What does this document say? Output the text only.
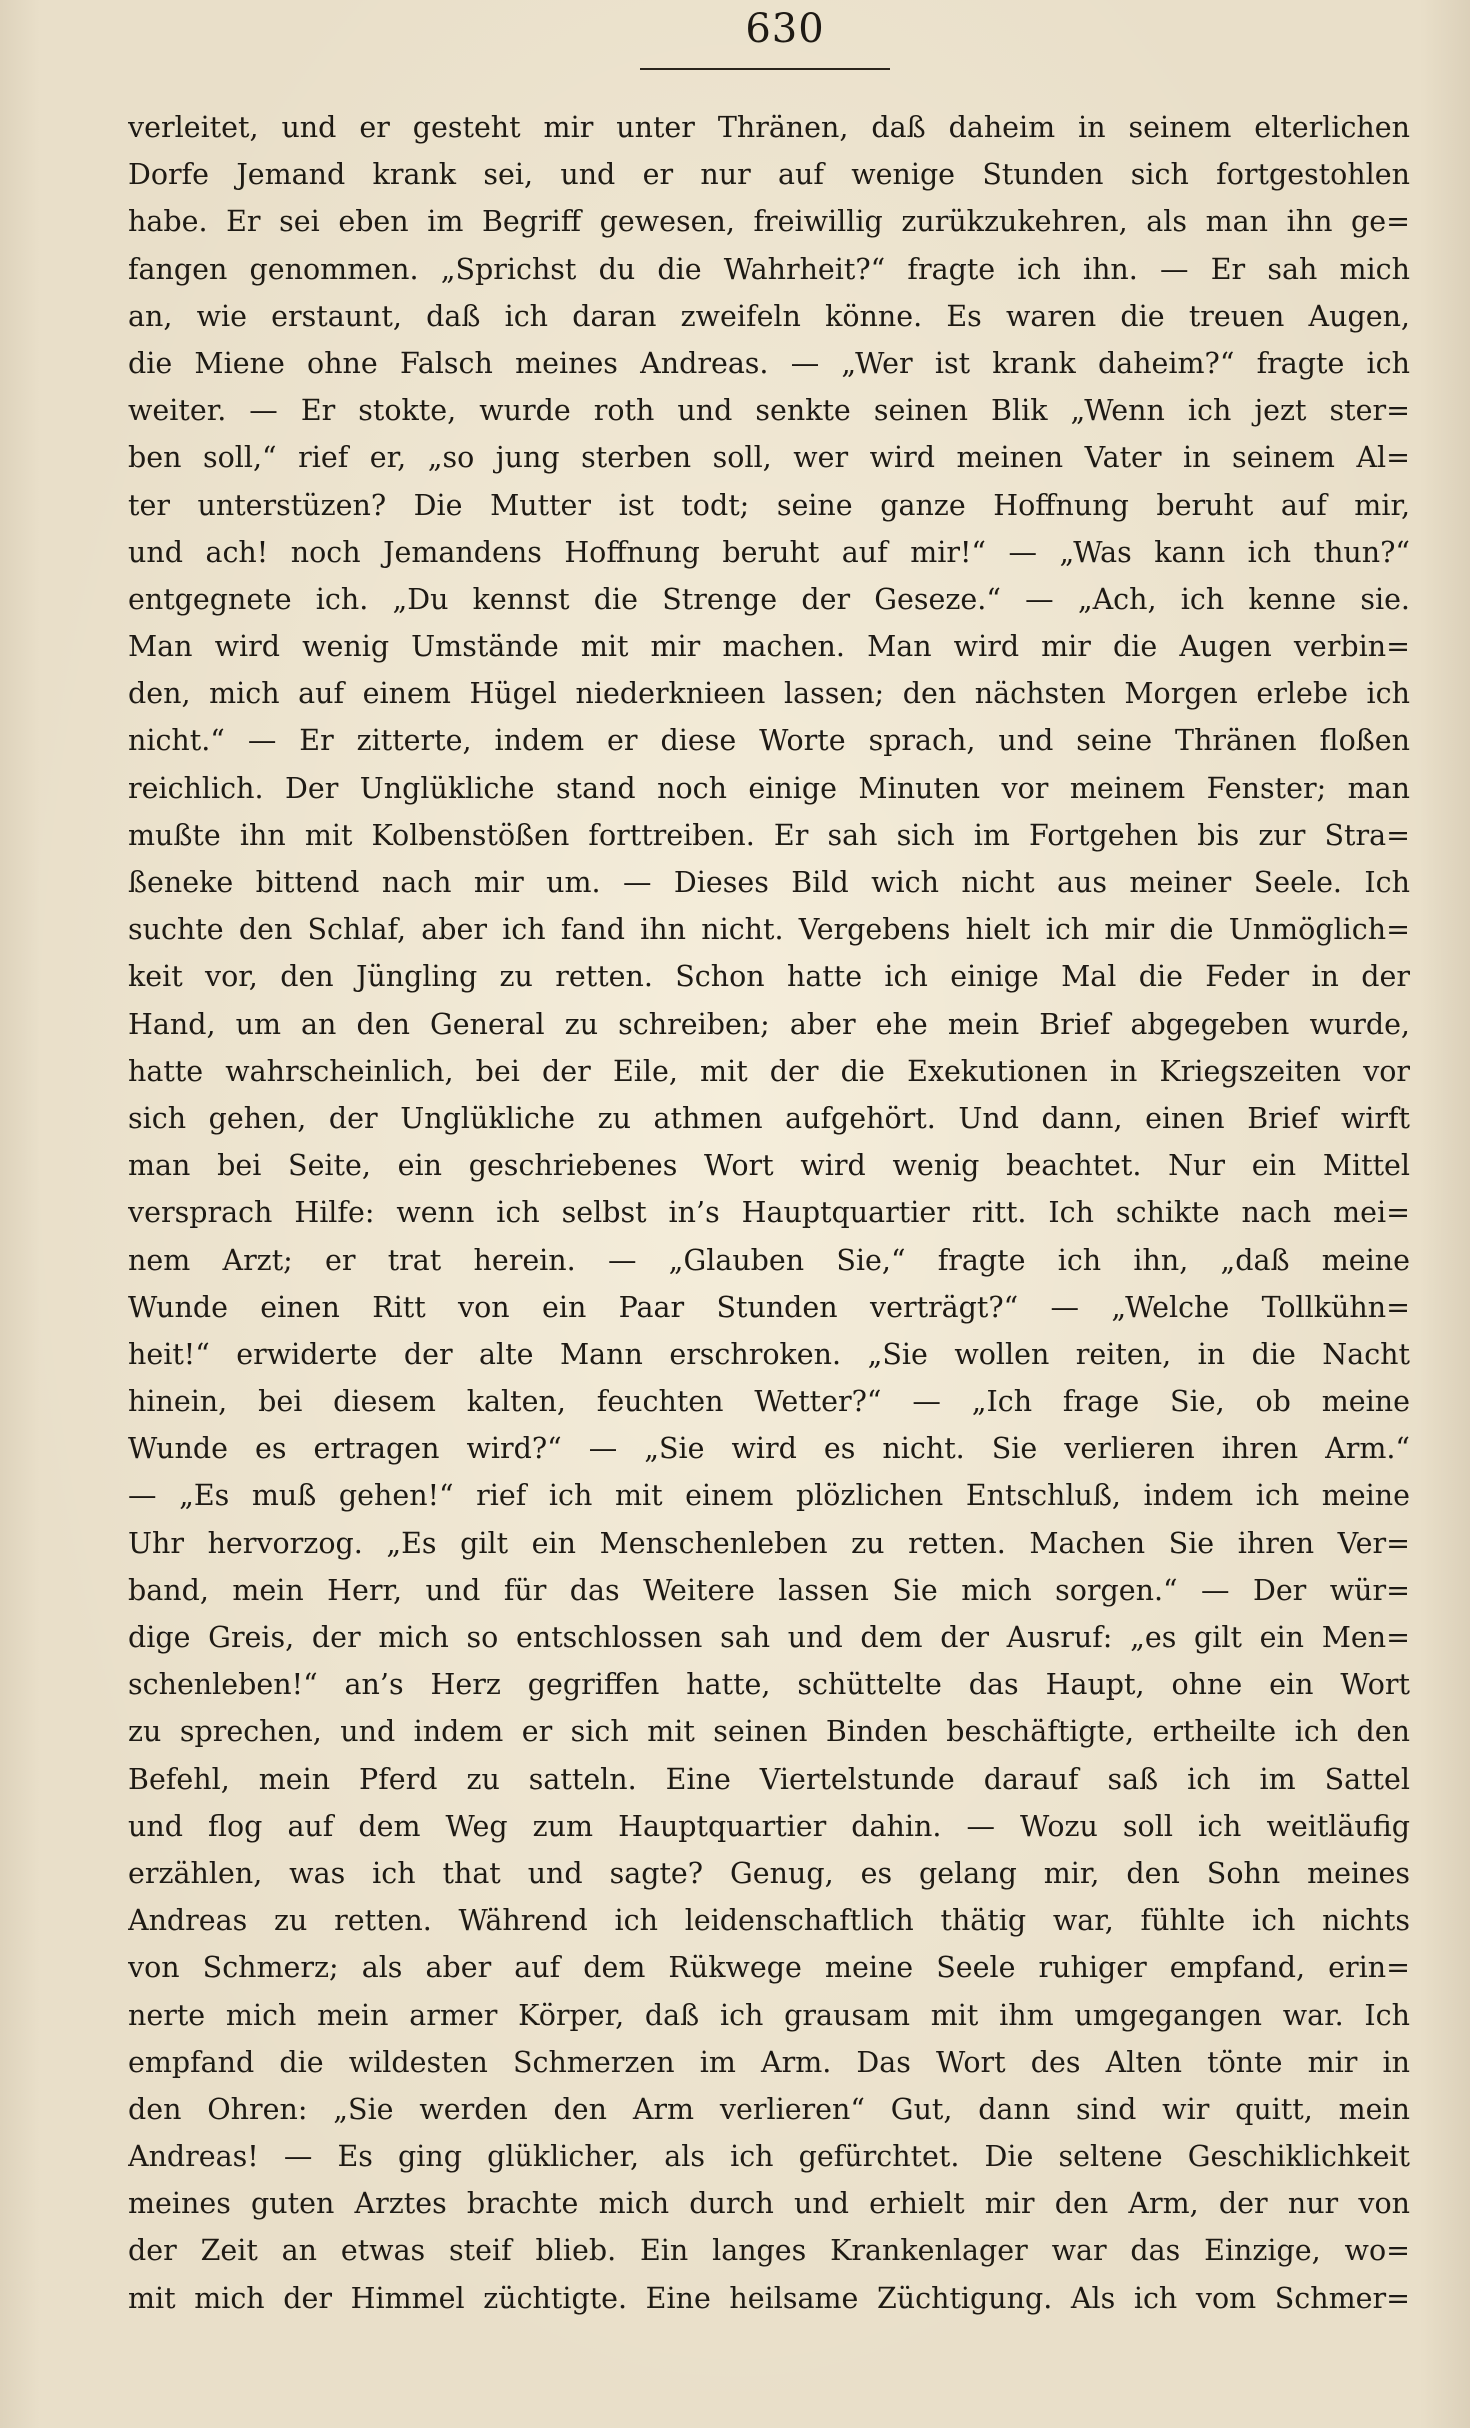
630
verleitet, und er gesteht mir unter Thränen, daß daheim in seinem elterlichen
Dorfe Jemand krank sei, und er nur auf wenige Stunden sich fortgestohlen
habe. Er sei eben im Begriff gewesen, freiwillig zurükzukehren, als man ihn ge=
fangen genommen. „Sprichst du die Wahrheit?“ fragte ich ihn. — Er sah mich
an, wie erstaunt, daß ich daran zweifeln könne. Es waren die treuen Augen,
die Miene ohne Falsch meines Andreas. — „Wer ist krank daheim?“ fragte ich
weiter. — Er stokte, wurde roth und senkte seinen Blik „Wenn ich jezt ster=
ben soll,“ rief er, „so jung sterben soll, wer wird meinen Vater in seinem Al=
ter unterstüzen? Die Mutter ist todt; seine ganze Hoffnung beruht auf mir,
und ach! noch Jemandens Hoffnung beruht auf mir!“ — „Was kann ich thun?“
entgegnete ich. „Du kennst die Strenge der Geseze.“ — „Ach, ich kenne sie.
Man wird wenig Umstände mit mir machen. Man wird mir die Augen verbin=
den, mich auf einem Hügel niederknieen lassen; den nächsten Morgen erlebe ich
nicht.“ — Er zitterte, indem er diese Worte sprach, und seine Thränen floßen
reichlich. Der Unglükliche stand noch einige Minuten vor meinem Fenster; man
mußte ihn mit Kolbenstößen forttreiben. Er sah sich im Fortgehen bis zur Stra=
ßenekе bittend nach mir um. — Dieses Bild wich nicht aus meiner Seele. Ich
suchte den Schlaf, aber ich fand ihn nicht. Vergebens hielt ich mir die Unmöglich=
keit vor, den Jüngling zu retten. Schon hatte ich einige Mal die Feder in der
Hand, um an den General zu schreiben; aber ehe mein Brief abgegeben wurde,
hatte wahrscheinlich, bei der Eile, mit der die Exekutionen in Kriegszeiten vor
sich gehen, der Unglükliche zu athmen aufgehört. Und dann, einen Brief wirft
man bei Seite, ein geschriebenes Wort wird wenig beachtet. Nur ein Mittel
versprach Hilfe: wenn ich selbst in’s Hauptquartier ritt. Ich schikte nach mei=
nem Arzt; er trat herein. — „Glauben Sie,“ fragte ich ihn, „daß meine
Wunde einen Ritt von ein Paar Stunden verträgt?“ — „Welche Tollkühn=
heit!“ erwiderte der alte Mann erschroken. „Sie wollen reiten, in die Nacht
hinein, bei diesem kalten, feuchten Wetter?“ — „Ich frage Sie, ob meine
Wunde es ertragen wird?“ — „Sie wird es nicht. Sie verlieren ihren Arm.“
— „Es muß gehen!“ rief ich mit einem plözlichen Entschluß, indem ich meine
Uhr hervorzog. „Es gilt ein Menschenleben zu retten. Machen Sie ihren Ver=
band, mein Herr, und für das Weitere lassen Sie mich sorgen.“ — Der wür=
dige Greis, der mich so entschlossen sah und dem der Ausruf: „es gilt ein Men=
schenleben!“ an’s Herz gegriffen hatte, schüttelte das Haupt, ohne ein Wort
zu sprechen, und indem er sich mit seinen Binden beschäftigte, ertheilte ich den
Befehl, mein Pferd zu satteln. Eine Viertelstunde darauf saß ich im Sattel
und flog auf dem Weg zum Hauptquartier dahin. — Wozu soll ich weitläufig
erzählen, was ich that und sagte? Genug, es gelang mir, den Sohn meines
Andreas zu retten. Während ich leidenschaftlich thätig war, fühlte ich nichts
von Schmerz; als aber auf dem Rükwege meine Seele ruhiger empfand, erin=
nerte mich mein armer Körper, daß ich grausam mit ihm umgegangen war. Ich
empfand die wildesten Schmerzen im Arm. Das Wort des Alten tönte mir in
den Ohren: „Sie werden den Arm verlieren“ Gut, dann sind wir quitt, mein
Andreas! — Es ging glüklicher, als ich gefürchtet. Die seltene Geschiklichkeit
meines guten Arztes brachte mich durch und erhielt mir den Arm, der nur von
der Zeit an etwas steif blieb. Ein langes Krankenlager war das Einzige, wo=
mit mich der Himmel züchtigte. Eine heilsame Züchtigung. Als ich vom Schmer=
